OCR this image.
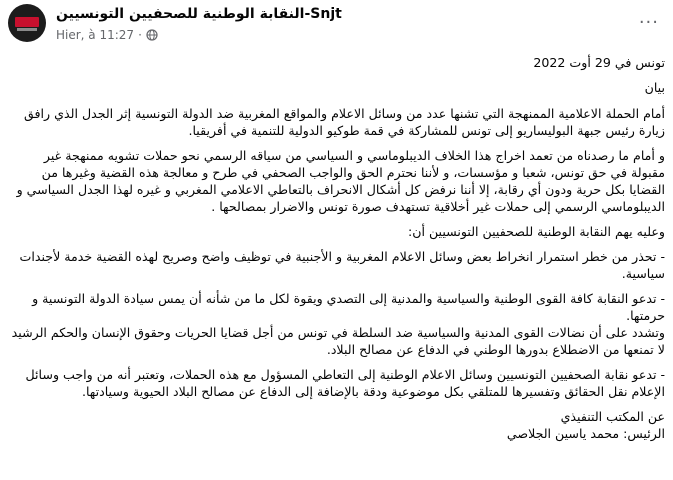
النقابة الوطنية للصحفيين التونسيين-Snjt
Hier, à 11:27 ·
···

تونس في 29 أوت 2022

بيان

أمام الحملة الاعلامية الممنهجة التي تشنها عدد من وسائل الاعلام والمواقع المغربية ضد الدولة التونسية إثر الجدل الذي رافق زيارة رئيس جبهة البوليساريو إلى تونس للمشاركة في قمة طوكيو الدولية للتنمية في أفريقيا.

و أمام ما رصدناه من تعمد اخراج هذا الخلاف الديبلوماسي و السياسي من سياقه الرسمي نحو حملات تشويه ممنهجة غير مقبولة في حق تونس، شعبا و مؤسسات، و لأننا نحترم الحق والواجب الصحفي في طرح و معالجة هذه القضية وغيرها من القضايا بكل حرية ودون أي رقابة، إلا أننا نرفض كل أشكال الانحراف بالتعاطي الاعلامي المغربي و غيره لهذا الجدل السياسي و الديبلوماسي الرسمي إلى حملات غير أخلاقية تستهدف صورة تونس والاضرار بمصالحها .

وعليه يهم النقابة الوطنية للصحفيين التونسيين أن:

- تحذر من خطر استمرار انخراط بعض وسائل الاعلام المغربية و الأجنبية في توظيف واضح وصريح لهذه القضية خدمة لأجندات سياسية.

- تدعو النقابة كافة القوى الوطنية والسياسية والمدنية إلى التصدي ويقوة لكل ما من شأنه أن يمس سيادة الدولة التونسية و حرمتها.

وتشدد على أن نضالات القوى المدنية والسياسية ضد السلطة في تونس من أجل قضايا الحريات وحقوق الإنسان والحكم الرشيد لا تمنعها من الاضطلاع بدورها الوطني في الدفاع عن مصالح البلاد.

- تدعو نقابة الصحفيين التونسيين وسائل الاعلام الوطنية إلى التعاطي المسؤول مع هذه الحملات، وتعتبر أنه من واجب وسائل الإعلام نقل الحقائق وتفسيرها للمتلقي بكل موضوعية ودقة بالإضافة إلى الدفاع عن مصالح البلاد الحيوية وسيادتها.

عن المكتب التنفيذي

الرئيس: محمد ياسين الجلاصي
